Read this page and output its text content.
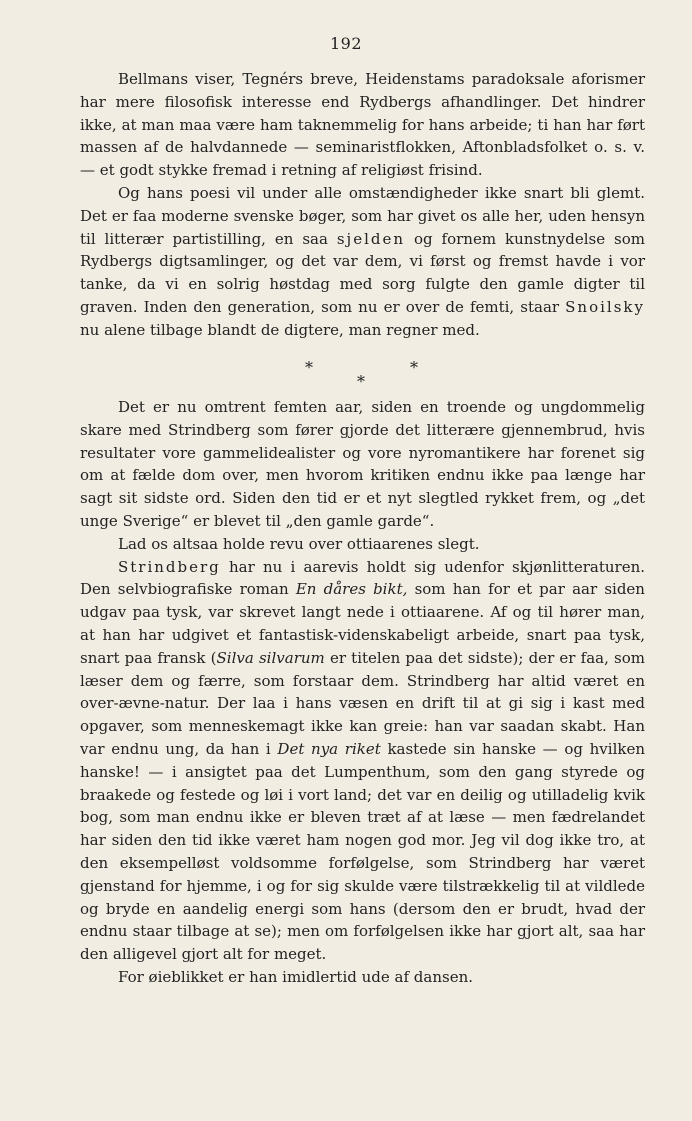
192

Bellmans viser, Tegnérs breve, Heidenstams paradoksale aforismer har mere filosofisk interesse end Rydbergs afhandlinger. Det hindrer ikke, at man maa være ham taknemmelig for hans arbeide; ti han har ført massen af de halvdannede — seminaristflokken, Aftonbladsfolket o. s. v. — et godt stykke fremad i retning af religiøst frisind.

Og hans poesi vil under alle omstændigheder ikke snart bli glemt. Det er faa moderne svenske bøger, som har givet os alle her, uden hensyn til litterær partistilling, en saa sjelden og fornem kunstnydelse som Rydbergs digtsamlinger, og det var dem, vi først og fremst havde i vor tanke, da vi en solrig høstdag med sorg fulgte den gamle digter til graven. Inden den generation, som nu er over de femti, staar Snoilsky nu alene tilbage blandt de digtere, man regner med.

*	*
*

Det er nu omtrent femten aar, siden en troende og ungdommelig skare med Strindberg som fører gjorde det litterære gjennembrud, hvis resultater vore gammelidealister og vore nyromantikere har forenet sig om at fælde dom over, men hvorom kritiken endnu ikke paa længe har sagt sit sidste ord. Siden den tid er et nyt slegtled rykket frem, og „det unge Sverige“ er blevet til „den gamle garde“.

Lad os altsaa holde revu over ottiaarenes slegt.

Strindberg har nu i aarevis holdt sig udenfor skjønlitteraturen. Den selvbiografiske roman En dåres bikt, som han for et par aar siden udgav paa tysk, var skrevet langt nede i ottiaarene. Af og til hører man, at han har udgivet et fantastisk-videnskabeligt arbeide, snart paa tysk, snart paa fransk (Silva silvarum er titelen paa det sidste); der er faa, som læser dem og færre, som forstaar dem. Strindberg har altid været en over-ævne-natur. Der laa i hans væsen en drift til at gi sig i kast med opgaver, som menneskemagt ikke kan greie: han var saadan skabt. Han var endnu ung, da han i Det nya riket kastede sin hanske — og hvilken hanske! — i ansigtet paa det Lumpenthum, som den gang styrede og braakede og festede og løi i vort land; det var en deilig og utilladelig kvik bog, som man endnu ikke er bleven træt af at læse — men fædrelandet har siden den tid ikke været ham nogen god mor. Jeg vil dog ikke tro, at den eksempelløst voldsomme forfølgelse, som Strindberg har været gjenstand for hjemme, i og for sig skulde være tilstrækkelig til at vildlede og bryde en aandelig energi som hans (dersom den er brudt, hvad der endnu staar tilbage at se); men om forfølgelsen ikke har gjort alt, saa har den alligevel gjort alt for meget.

For øieblikket er han imidlertid ude af dansen.
